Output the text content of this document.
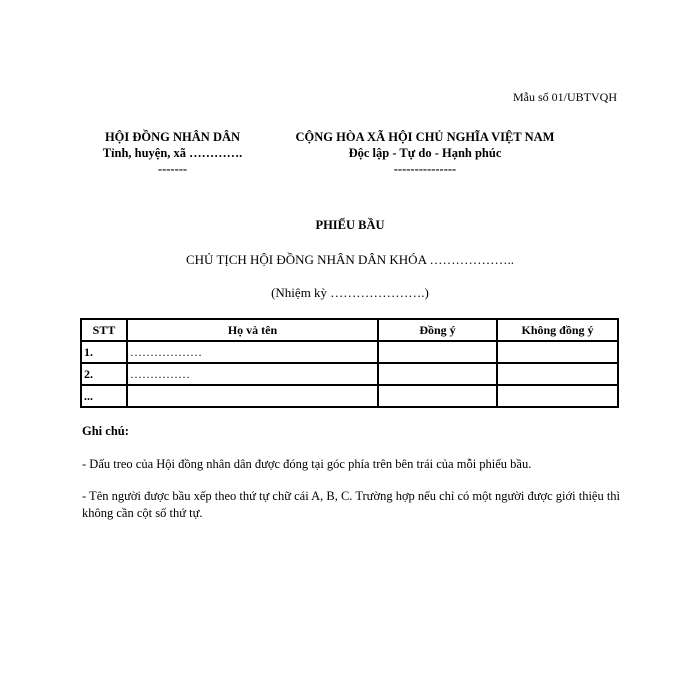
Mẫu số 01/UBTVQH
HỘI ĐỒNG NHÂN DÂN
Tỉnh, huyện, xã ………….
-------
CỘNG HÒA XÃ HỘI CHỦ NGHĨA VIỆT NAM
Độc lập - Tự do - Hạnh phúc
---------------
PHIẾU BẦU
CHỦ TỊCH HỘI ĐỒNG NHÂN DÂN KHÓA ………………..
(Nhiệm kỳ ………………….)
STT	Họ và tên	Đồng ý	Không đồng ý
1.	………………		
2.	……………		
...			
Ghi chú:
- Dấu treo của Hội đồng nhân dân được đóng tại góc phía trên bên trái của mỗi phiếu bầu.
- Tên người được bầu xếp theo thứ tự chữ cái A, B, C. Trường hợp nếu chỉ có một người được giới thiệu thì không cần cột số thứ tự.
